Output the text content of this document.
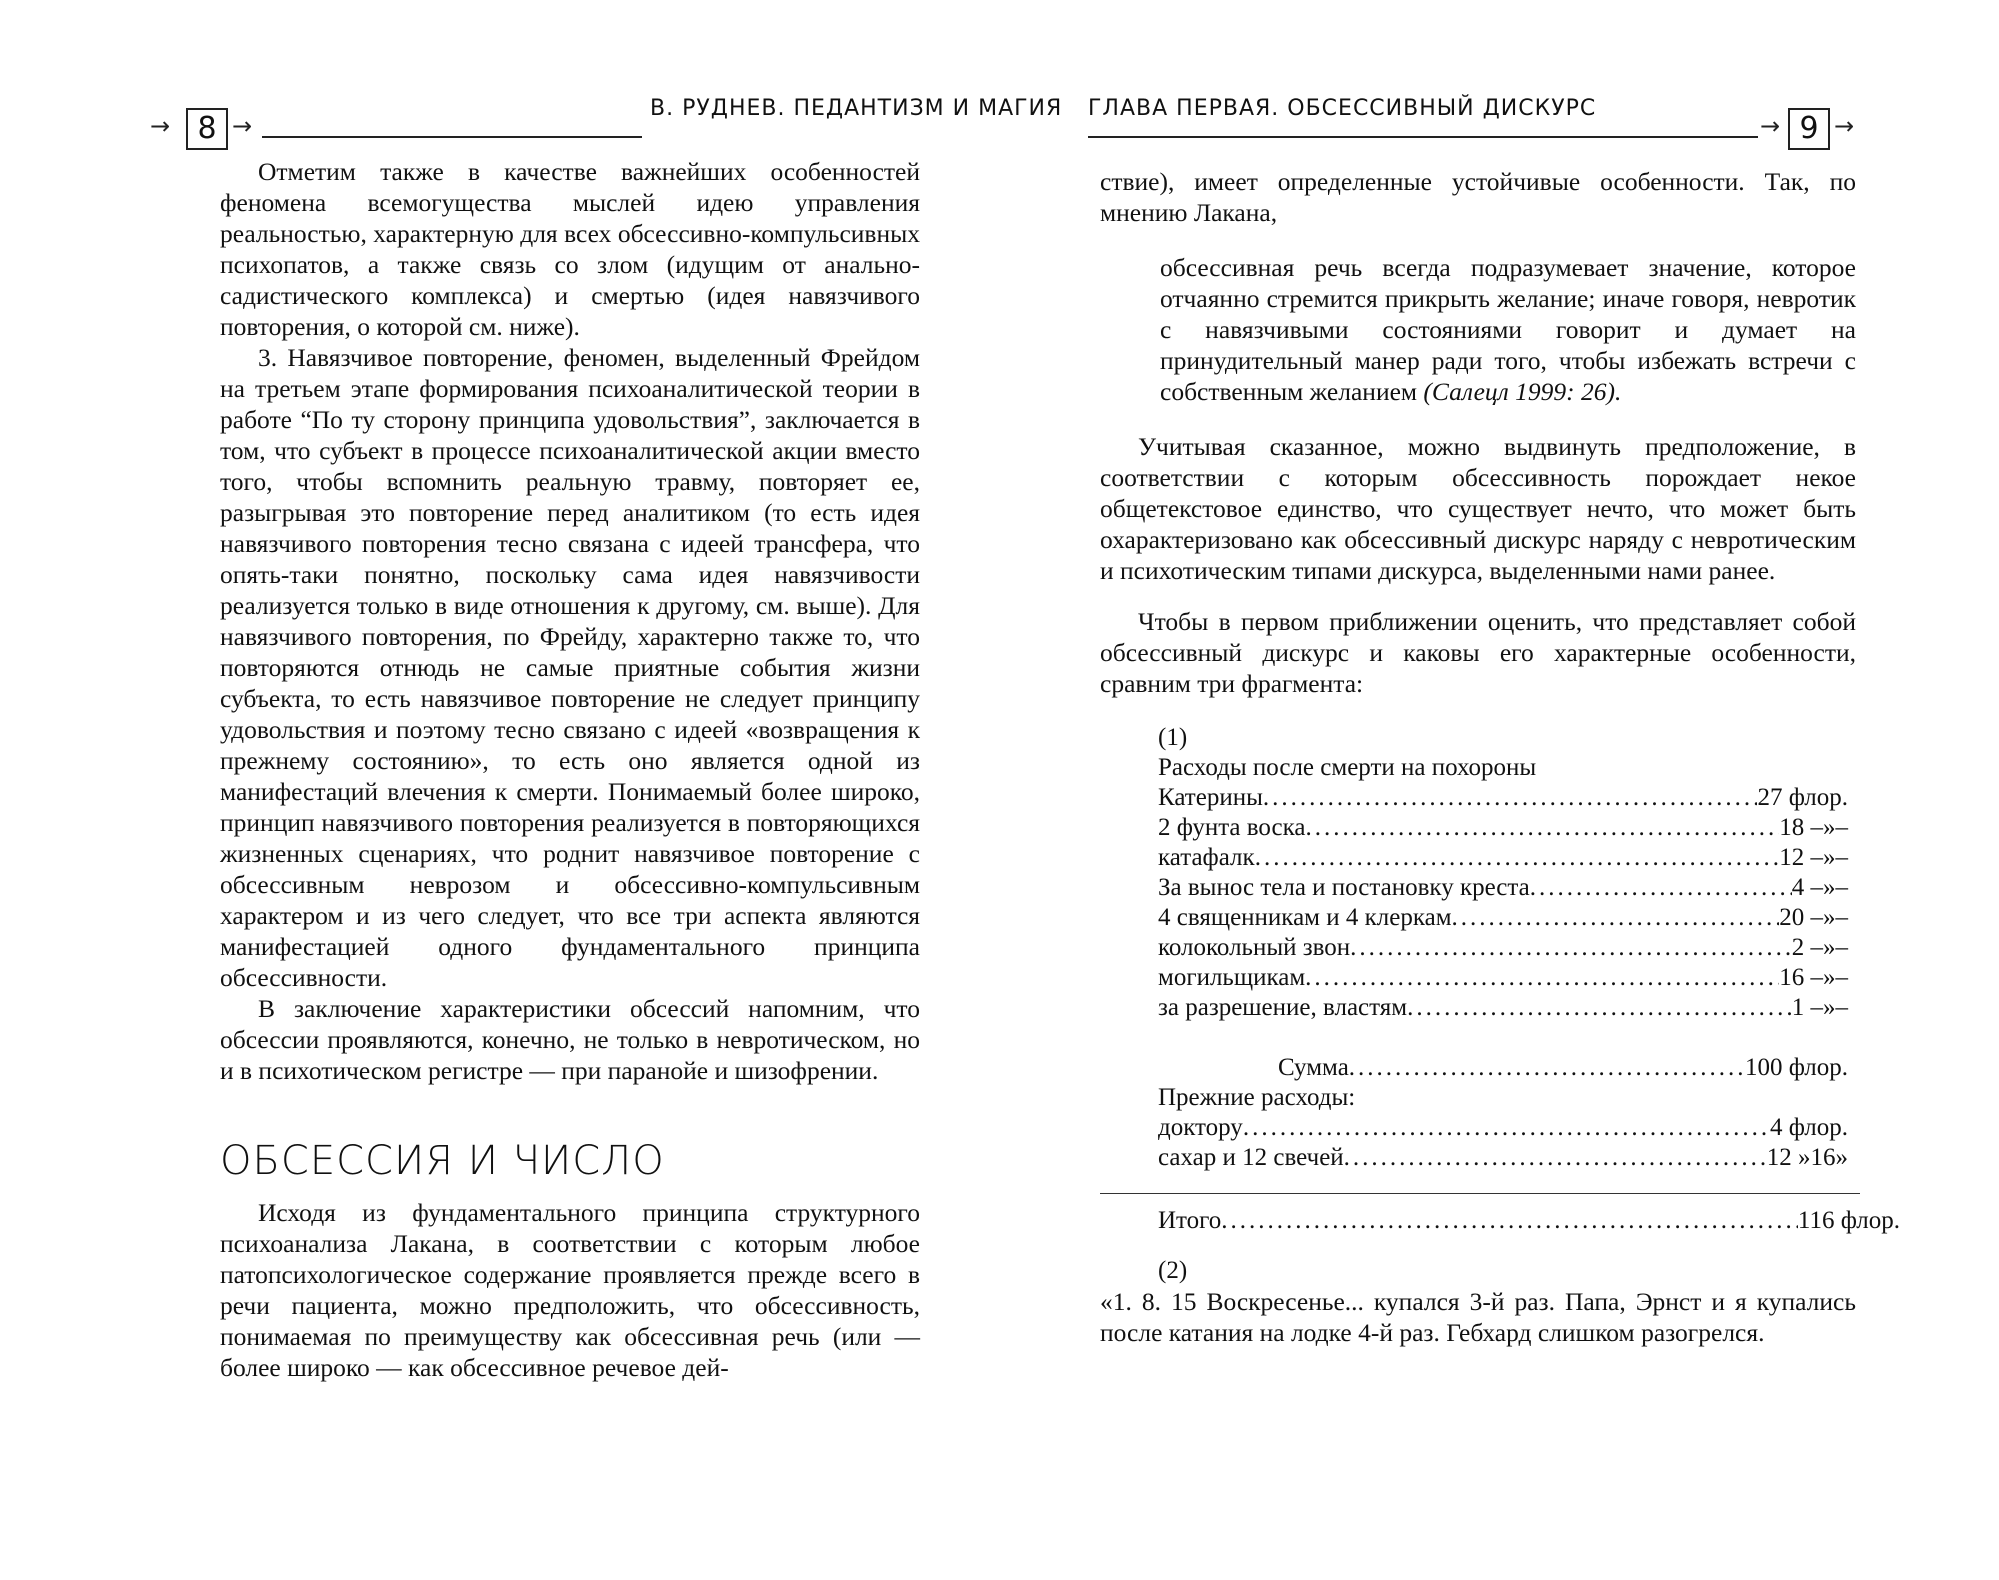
→ 8 →
В. РУДНЕВ. ПЕДАНТИЗМ И МАГИЯ

Отметим также в качестве важнейших особенностей феномена всемогущества мыслей идею управления реальностью, характерную для всех обсессивно-компульсивных психопатов, а также связь со злом (идущим от анально-садистического комплекса) и смертью (идея навязчивого повторения, о которой см. ниже).

3. Навязчивое повторение, феномен, выделенный Фрейдом на третьем этапе формирования психоаналитической теории в работе “По ту сторону принципа удовольствия”, заключается в том, что субъект в процессе психоаналитической акции вместо того, чтобы вспомнить реальную травму, повторяет ее, разыгрывая это повторение перед аналитиком (то есть идея навязчивого повторения тесно связана с идеей трансфера, что опять-таки понятно, поскольку сама идея навязчивости реализуется только в виде отношения к другому, см. выше). Для навязчивого повторения, по Фрейду, характерно также то, что повторяются отнюдь не самые приятные события жизни субъекта, то есть навязчивое повторение не следует принципу удовольствия и поэтому тесно связано с идеей «возвращения к прежнему состоянию», то есть оно является одной из манифестаций влечения к смерти. Понимаемый более широко, принцип навязчивого повторения реализуется в повторяющихся жизненных сценариях, что роднит навязчивое повторение с обсессивным неврозом и обсессивно-компульсивным характером и из чего следует, что все три аспекта являются манифестацией одного фундаментального принципа обсессивности.

В заключение характеристики обсессий напомним, что обсессии проявляются, конечно, не только в невротическом, но и в психотическом регистре — при паранойе и шизофрении.

ОБСЕССИЯ И ЧИСЛО

Исходя из фундаментального принципа структурного психоанализа Лакана, в соответствии с которым любое патопсихологическое содержание проявляется прежде всего в речи пациента, можно предположить, что обсессивность, понимаемая по преимуществу как обсессивная речь (или — более широко — как обсессивное речевое дей-

ГЛАВА ПЕРВАЯ. ОБСЕССИВНЫЙ ДИСКУРС
→ 9 →

ствие), имеет определенные устойчивые особенности. Так, по мнению Лакана,

обсессивная речь всегда подразумевает значение, которое отчаянно стремится прикрыть желание; иначе говоря, невротик с навязчивыми состояниями говорит и думает на принудительный манер ради того, чтобы избежать встречи с собственным желанием (Салецл 1999: 26).

Учитывая сказанное, можно выдвинуть предположение, в соответствии с которым обсессивность порождает некое общетекстовое единство, что существует нечто, что может быть охарактеризовано как обсессивный дискурс наряду с невротическим и психотическим типами дискурса, выделенными нами ранее.

Чтобы в первом приближении оценить, что представляет собой обсессивный дискурс и каковы его характерные особенности, сравним три фрагмента:

(1)
Расходы после смерти на похороны
Катерины .....	27 флор.
2 фунта воска .....	18 –»–
катафалк .....	12 –»–
За вынос тела и постановку креста .....	4 –»–
4 священникам и 4 клеркам .....	20 –»–
колокольный звон .....	2 –»–
могильщикам .....	16 –»–
за разрешение, властям .....	1 –»–
Сумма .....	100 флор.
Прежние расходы:
доктору .....	4 флор.
сахар и 12 свечей .....	12 »16»
Итого .....	116 флор.
(2)

«1. 8. 15 Воскресенье... купался 3-й раз. Папа, Эрнст и я купались после катания на лодке 4-й раз. Гебхард слишком разогрелся.
